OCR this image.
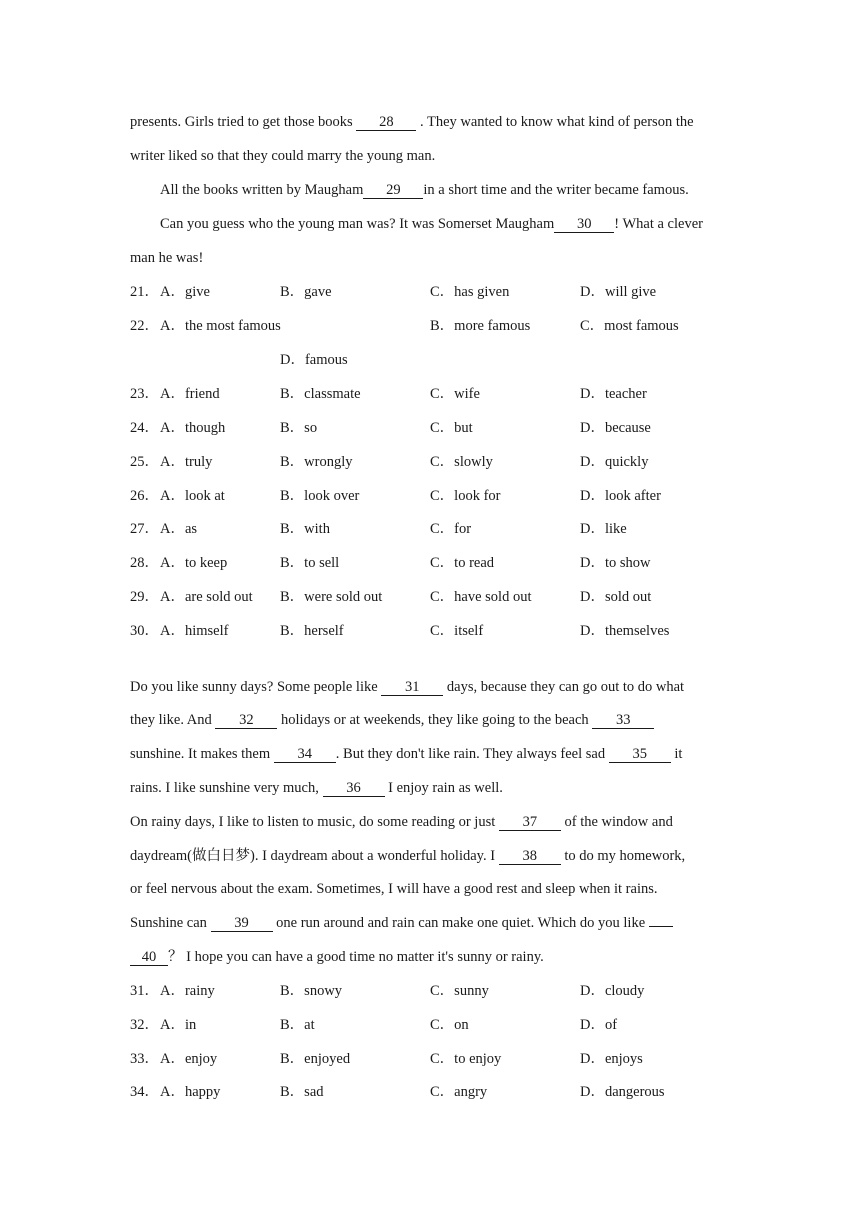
presents. Girls tried to get those books 28 . They wanted to know what kind of person the
writer liked so that they could marry the young man.
All the books written by Maugham 29 in a short time and the writer became famous.
Can you guess who the young man was? It was Somerset Maugham 30 ! What a clever
man he was!
21． A．give	B．gave	C．has given	D．will give
22． A．the most famous	B．more famous	C．most famous
D．famous
23． A．friend	B．classmate	C．wife	D．teacher
24． A．though	B．so	C．but	D．because
25． A．truly	B．wrongly	C．slowly	D．quickly
26． A．look at	B．look over	C．look for	D．look after
27． A．as	B．with	C．for	D．like
28． A．to keep	B．to sell	C．to read	D．to show
29． A．are sold out B．were sold out	C．have sold out	D．sold out
30． A．himself	B．herself	C．itself	D．themselves
Do you like sunny days? Some people like 31 days, because they can go out to do what
they like. And 32 holidays or at weekends, they like going to the beach 33
sunshine. It makes them 34 . But they don't like rain. They always feel sad 35 it
rains. I like sunshine very much, 36 I enjoy rain as well.
On rainy days, I like to listen to music, do some reading or just 37 of the window and
daydream(做白日梦). I daydream about a wonderful holiday. I 38 to do my homework,
or feel nervous about the exam. Sometimes, I will have a good rest and sleep when it rains.
Sunshine can 39 one run around and rain can make one quiet. Which do you like
40 ？ I hope you can have a good time no matter it's sunny or rainy.
31． A．rainy	B．snowy	C．sunny	D．cloudy
32． A．in	B．at	C．on	D．of
33． A．enjoy	B．enjoyed	C．to enjoy	D．enjoys
34． A．happy	B．sad	C．angry	D．dangerous
